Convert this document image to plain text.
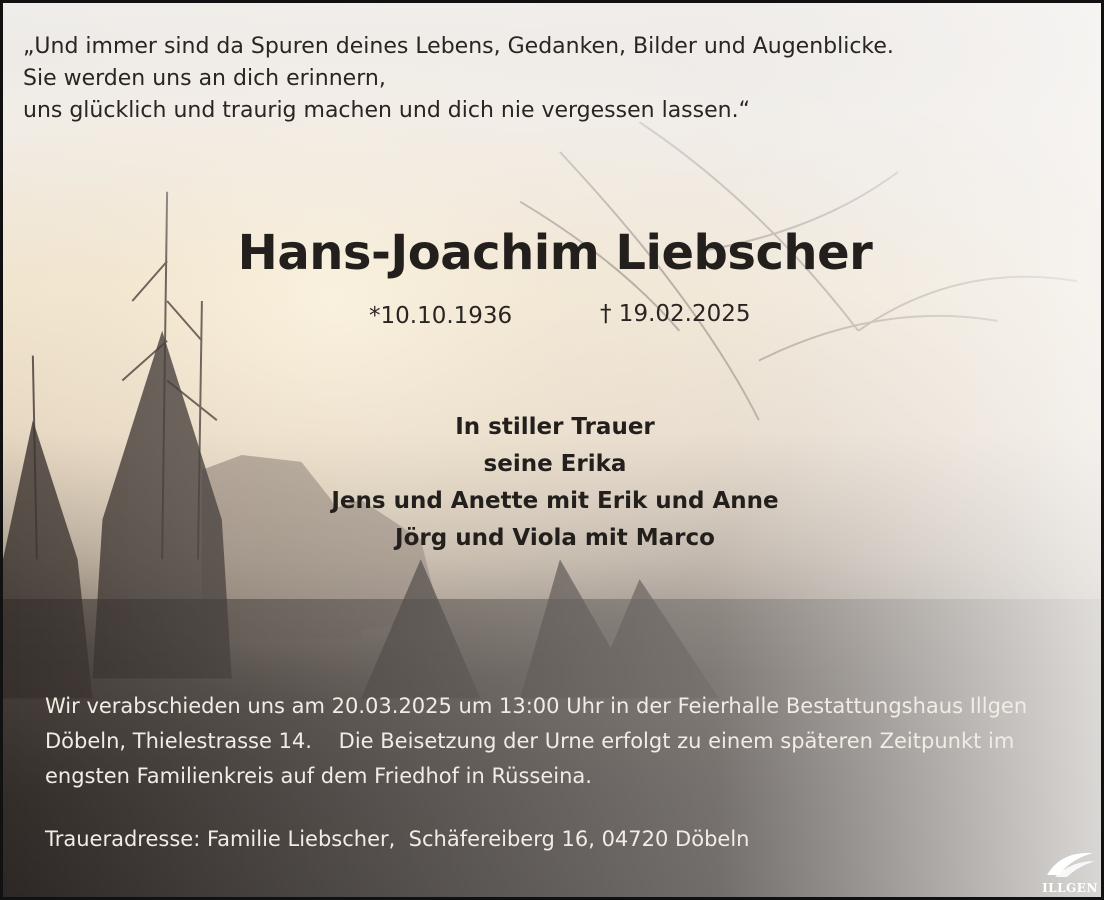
„Und immer sind da Spuren deines Lebens, Gedanken, Bilder und Augenblicke.
Sie werden uns an dich erinnern,
uns glücklich und traurig machen und dich nie vergessen lassen.“
Hans-Joachim Liebscher
*10.10.1936	† 19.02.2025
In stiller Trauer
seine Erika
Jens und Anette mit Erik und Anne
Jörg und Viola mit Marco
Wir verabschieden uns am 20.03.2025 um 13:00 Uhr in der Feierhalle Bestattungshaus Illgen
Döbeln, Thielestrasse 14.    Die Beisetzung der Urne erfolgt zu einem späteren Zeitpunkt im
engsten Familienkreis auf dem Friedhof in Rüsseina.
Traueradresse: Familie Liebscher,  Schäfereiberg 16, 04720 Döbeln
ILLGEN
